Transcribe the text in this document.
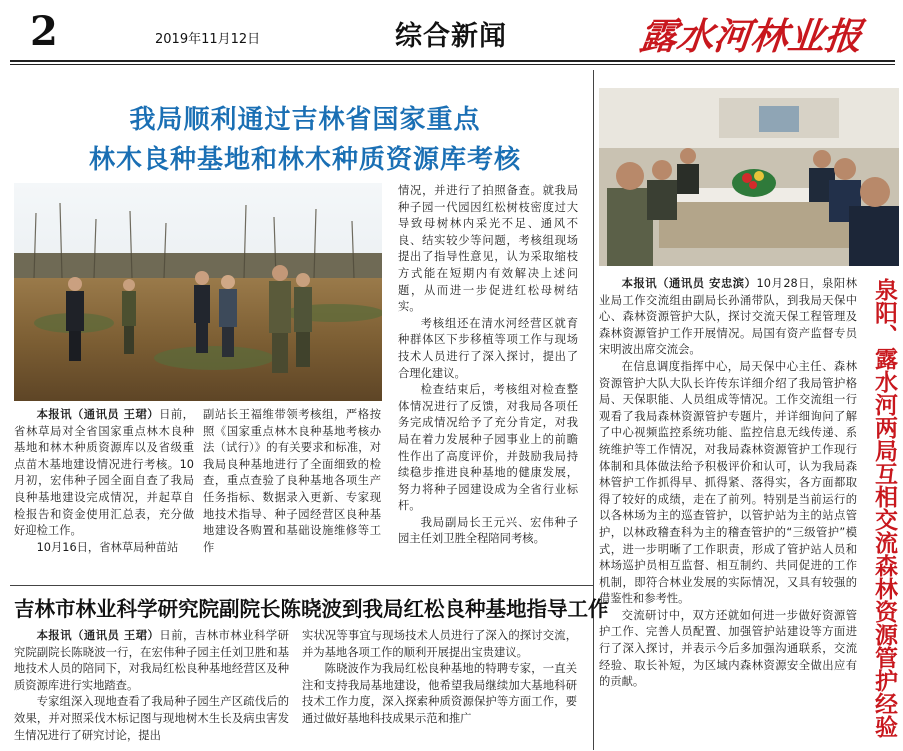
2	2019年11月12日	综合新闻	露水河林业报
我局顺利通过吉林省国家重点
林木良种基地和林木种质资源库考核

本报讯（通讯员 王珺）日前，省林草局对全省国家重点林木良种基地和林木种质资源库以及省级重点苗木基地建设情况进行考核。10月初，宏伟种子园全面自查了我局良种基地建设完成情况，并起草自检报告和资金使用汇总表，充分做好迎检工作。

10月16日，省林草局种苗站

副站长王福维带领考核组，严格按照《国家重点林木良种基地考核办法（试行）》的有关要求和标准，对我局良种基地进行了全面细致的检查，重点查验了良种基地各项生产任务指标、数据录入更新、专家现地技术指导、种子园经营区良种基地建设各购置和基础设施维修等工作

情况，并进行了拍照备查。就我局种子园一代园因红松树枝密度过大导致母树林内采光不足、通风不良、结实较少等问题，考核组现场提出了指导性意见，认为采取缩枝方式能在短期内有效解决上述问题，从而进一步促进红松母树结实。

考核组还在清水河经营区就育种群体区下步移植等项工作与现场技术人员进行了深入探讨，提出了合理化建议。

检查结束后，考核组对检查整体情况进行了反馈，对我局各项任务完成情况给予了充分肯定，对我局在着力发展种子园事业上的前瞻性作出了高度评价，并鼓励我局持续稳步推进良种基地的健康发展，努力将种子园建设成为全省行业标杆。

我局副局长王元兴、宏伟种子园主任刘卫胜全程陪同考核。

吉林市林业科学研究院副院长陈晓波到我局红松良种基地指导工作

本报讯（通讯员 王珺）日前，吉林市林业科学研究院副院长陈晓波一行，在宏伟种子园主任刘卫胜和基地技术人员的陪同下，对我局红松良种基地经营区及种质资源库进行实地踏查。

专家组深入现地查看了我局种子园生产区疏伐后的效果，并对照采伐木标记图与现地树木生长及病虫害发生情况进行了研究讨论，提出

实状况等事宜与现场技术人员进行了深入的探讨交流，并为基地各项工作的顺利开展提出宝贵建议。

陈晓波作为我局红松良种基地的特聘专家，一直关注和支持我局基地建设，他希望我局继续加大基地科研技术工作力度，深入探索种质资源保护等方面工作，要通过做好基地科技成果示范和推广

本报讯（通讯员 安忠滨）10月28日，泉阳林业局工作交流组由副局长孙涌带队，到我局天保中心、森林资源管护大队，探讨交流天保工程管理及森林资源管护工作开展情况。局国有资产监督专员宋明波出席交流会。

在信息调度指挥中心，局天保中心主任、森林资源管护大队大队长许传东详细介绍了我局管护格局、天保职能、人员组成等情况。工作交流组一行观看了我局森林资源管护专题片，并详细询问了解了中心视频监控系统功能、监控信息无线传递、系统维护等工作情况，对我局森林资源管护工作现行体制和具体做法给予积极评价和认可，认为我局森林管护工作抓得早、抓得紧、落得实，各方面都取得了较好的成绩，走在了前列。特别是当前运行的以各林场为主的巡查管护，以管护站为主的站点管护，以林政稽查科为主的稽查管护的“三级管护”模式，进一步明晰了工作职责，形成了管护站人员和林场巡护员相互监督、相互制约、共同促进的工作机制，即符合林业发展的实际情况，又具有较强的借鉴性和参考性。

交流研讨中，双方还就如何进一步做好资源管护工作、完善人员配置、加强管护站建设等方面进行了深入探讨，并表示今后多加强沟通联系，交流经验、取长补短，为区域内森林资源安全做出应有的贡献。	泉阳、露水河两局互相交流森林资源管护经验
